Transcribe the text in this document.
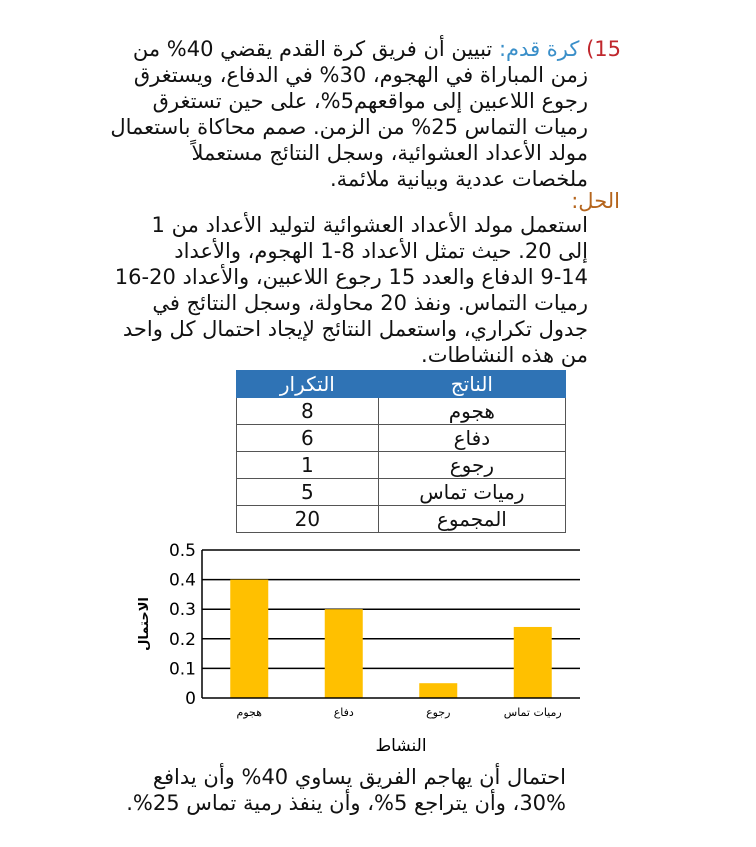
15) كرة قدم: تبيين أن فريق كرة القدم يقضي 40% من
زمن المباراة في الهجوم، 30% في الدفاع، ويستغرق
رجوع اللاعبين إلى مواقعهم5%، على حين تستغرق
رميات التماس 25% من الزمن. صمم محاكاة باستعمال
مولد الأعداد العشوائية، وسجل النتائج مستعملاً
ملخصات عددية وبيانية ملائمة.
الحل:
استعمل مولد الأعداد العشوائية لتوليد الأعداد من 1
إلى 20. حيث تمثل الأعداد 8-1 الهجوم، والأعداد
9-14 الدفاع والعدد 15 رجوع اللاعبين، والأعداد 20-16
رميات التماس. ونفذ 20 محاولة، وسجل النتائج في
جدول تكراري، واستعمل النتائج لإيجاد احتمال كل واحد
من هذه النشاطات.
الناتج	التكرار
هجوم	8
دفاع	6
رجوع	1
رميات تماس	5
المجموع	20
0
0.1
0.2
0.3
0.4
0.5
هجوم	دفاع	رجوع	رميات تماس
الاحتمال
النشاط
احتمال أن يهاجم الفريق يساوي 40% وأن يدافع
30%، وأن يتراجع 5%، وأن ينفذ رمية تماس 25%.
